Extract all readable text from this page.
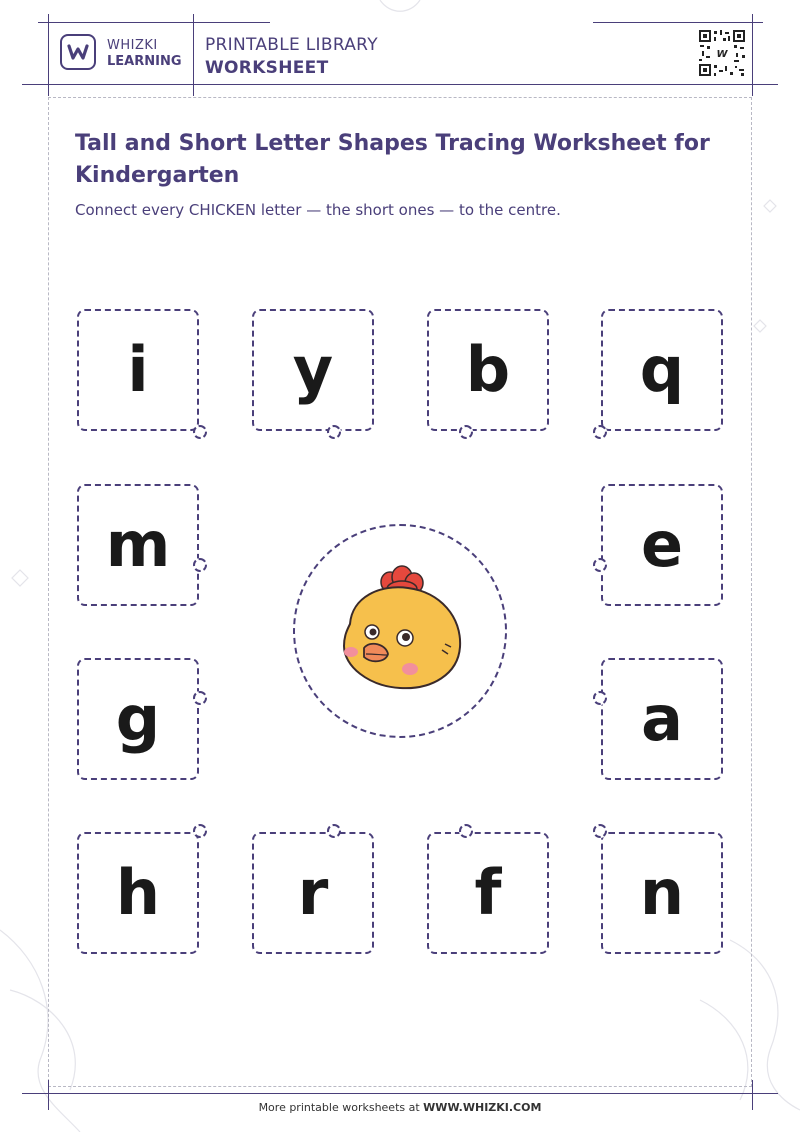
WHIZKI
LEARNING
PRINTABLE LIBRARY
WORKSHEET
W
Tall and Short Letter Shapes Tracing Worksheet for Kindergarten
Connect every CHICKEN letter — the short ones — to the centre.
i y b q
m	e
g	a
h r f n
More printable worksheets at WWW.WHIZKI.COM
